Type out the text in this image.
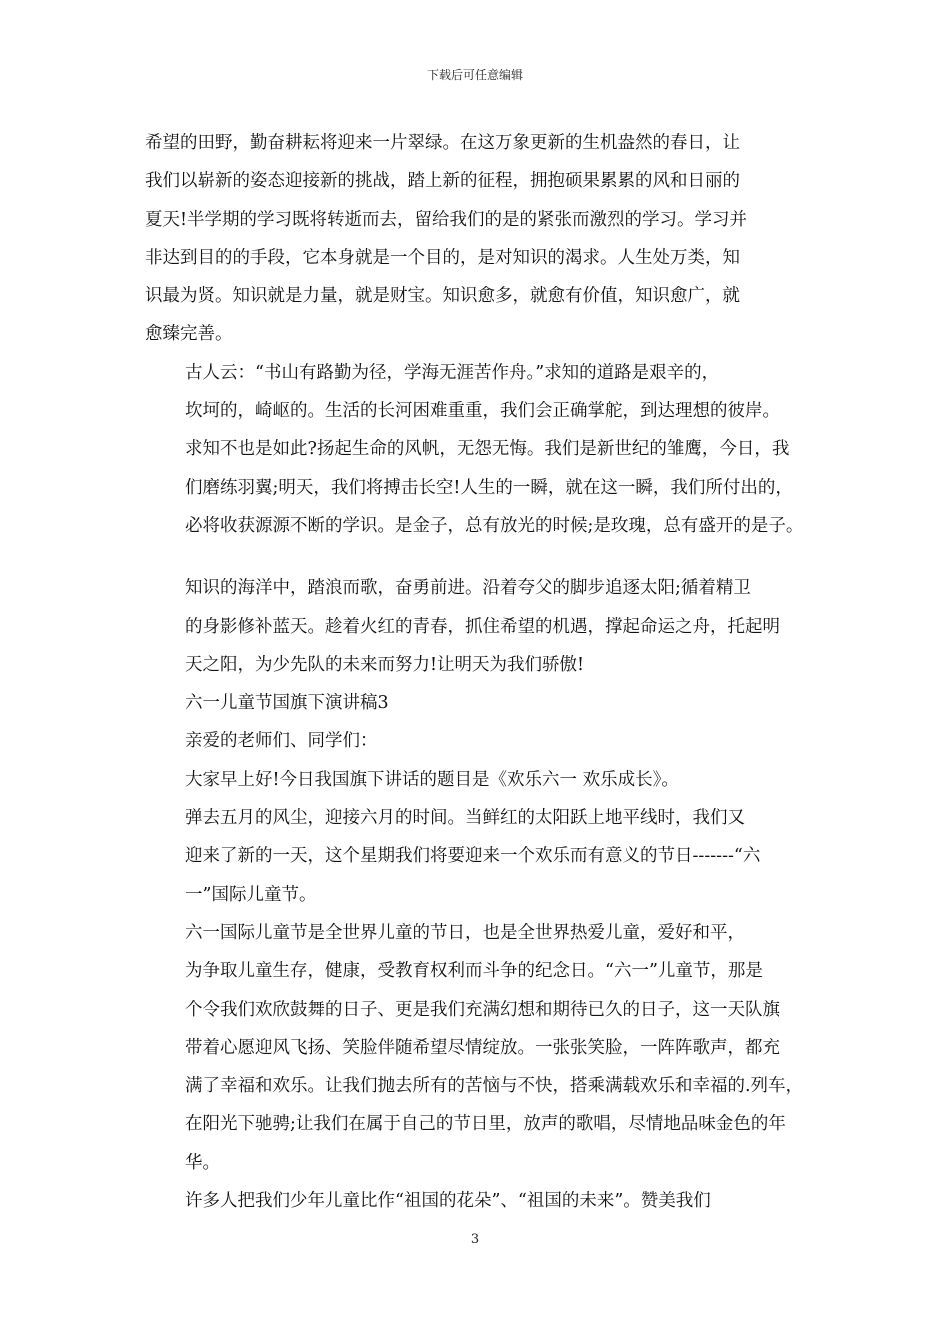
下载后可任意编辑

希望的田野，勤奋耕耘将迎来一片翠绿。在这万象更新的生机盎然的春日，让
我们以崭新的姿态迎接新的挑战，踏上新的征程，拥抱硕果累累的风和日丽的
夏天!半学期的学习既将转逝而去，留给我们的是的紧张而激烈的学习。学习并
非达到目的的手段，它本身就是一个目的，是对知识的渴求。人生处万类，知
识最为贤。知识就是力量，就是财宝。知识愈多，就愈有价值，知识愈广，就
愈臻完善。

古人云：“书山有路勤为径，学海无涯苦作舟。”求知的道路是艰辛的，
坎坷的，崎岖的。生活的长河困难重重，我们会正确掌舵，到达理想的彼岸。
求知不也是如此?扬起生命的风帆，无怨无悔。我们是新世纪的雏鹰，今日，我
们磨练羽翼;明天，我们将搏击长空!人生的一瞬，就在这一瞬，我们所付出的，
必将收获源源不断的学识。是金子，总有放光的时候;是玫瑰，总有盛开的是子。

知识的海洋中，踏浪而歌，奋勇前进。沿着夸父的脚步追逐太阳;循着精卫
的身影修补蓝天。趁着火红的青春，抓住希望的机遇，撑起命运之舟，托起明
天之阳，为少先队的未来而努力!让明天为我们骄傲!

六一儿童节国旗下演讲稿3

亲爱的老师们、同学们：

大家早上好!今日我国旗下讲话的题目是《欢乐六一 欢乐成长》。

弹去五月的风尘，迎接六月的时间。当鲜红的太阳跃上地平线时，我们又
迎来了新的一天，这个星期我们将要迎来一个欢乐而有意义的节日-------“六
一”国际儿童节。

六一国际儿童节是全世界儿童的节日，也是全世界热爱儿童，爱好和平，
为争取儿童生存，健康，受教育权利而斗争的纪念日。“六一”儿童节，那是
个令我们欢欣鼓舞的日子、更是我们充满幻想和期待已久的日子，这一天队旗
带着心愿迎风飞扬、笑脸伴随希望尽情绽放。一张张笑脸，一阵阵歌声，都充
满了幸福和欢乐。让我们抛去所有的苦恼与不快，搭乘满载欢乐和幸福的.列车，
在阳光下驰骋;让我们在属于自己的节日里，放声的歌唱，尽情地品味金色的年
华。

许多人把我们少年儿童比作“祖国的花朵”、“祖国的未来”。赞美我们

3
